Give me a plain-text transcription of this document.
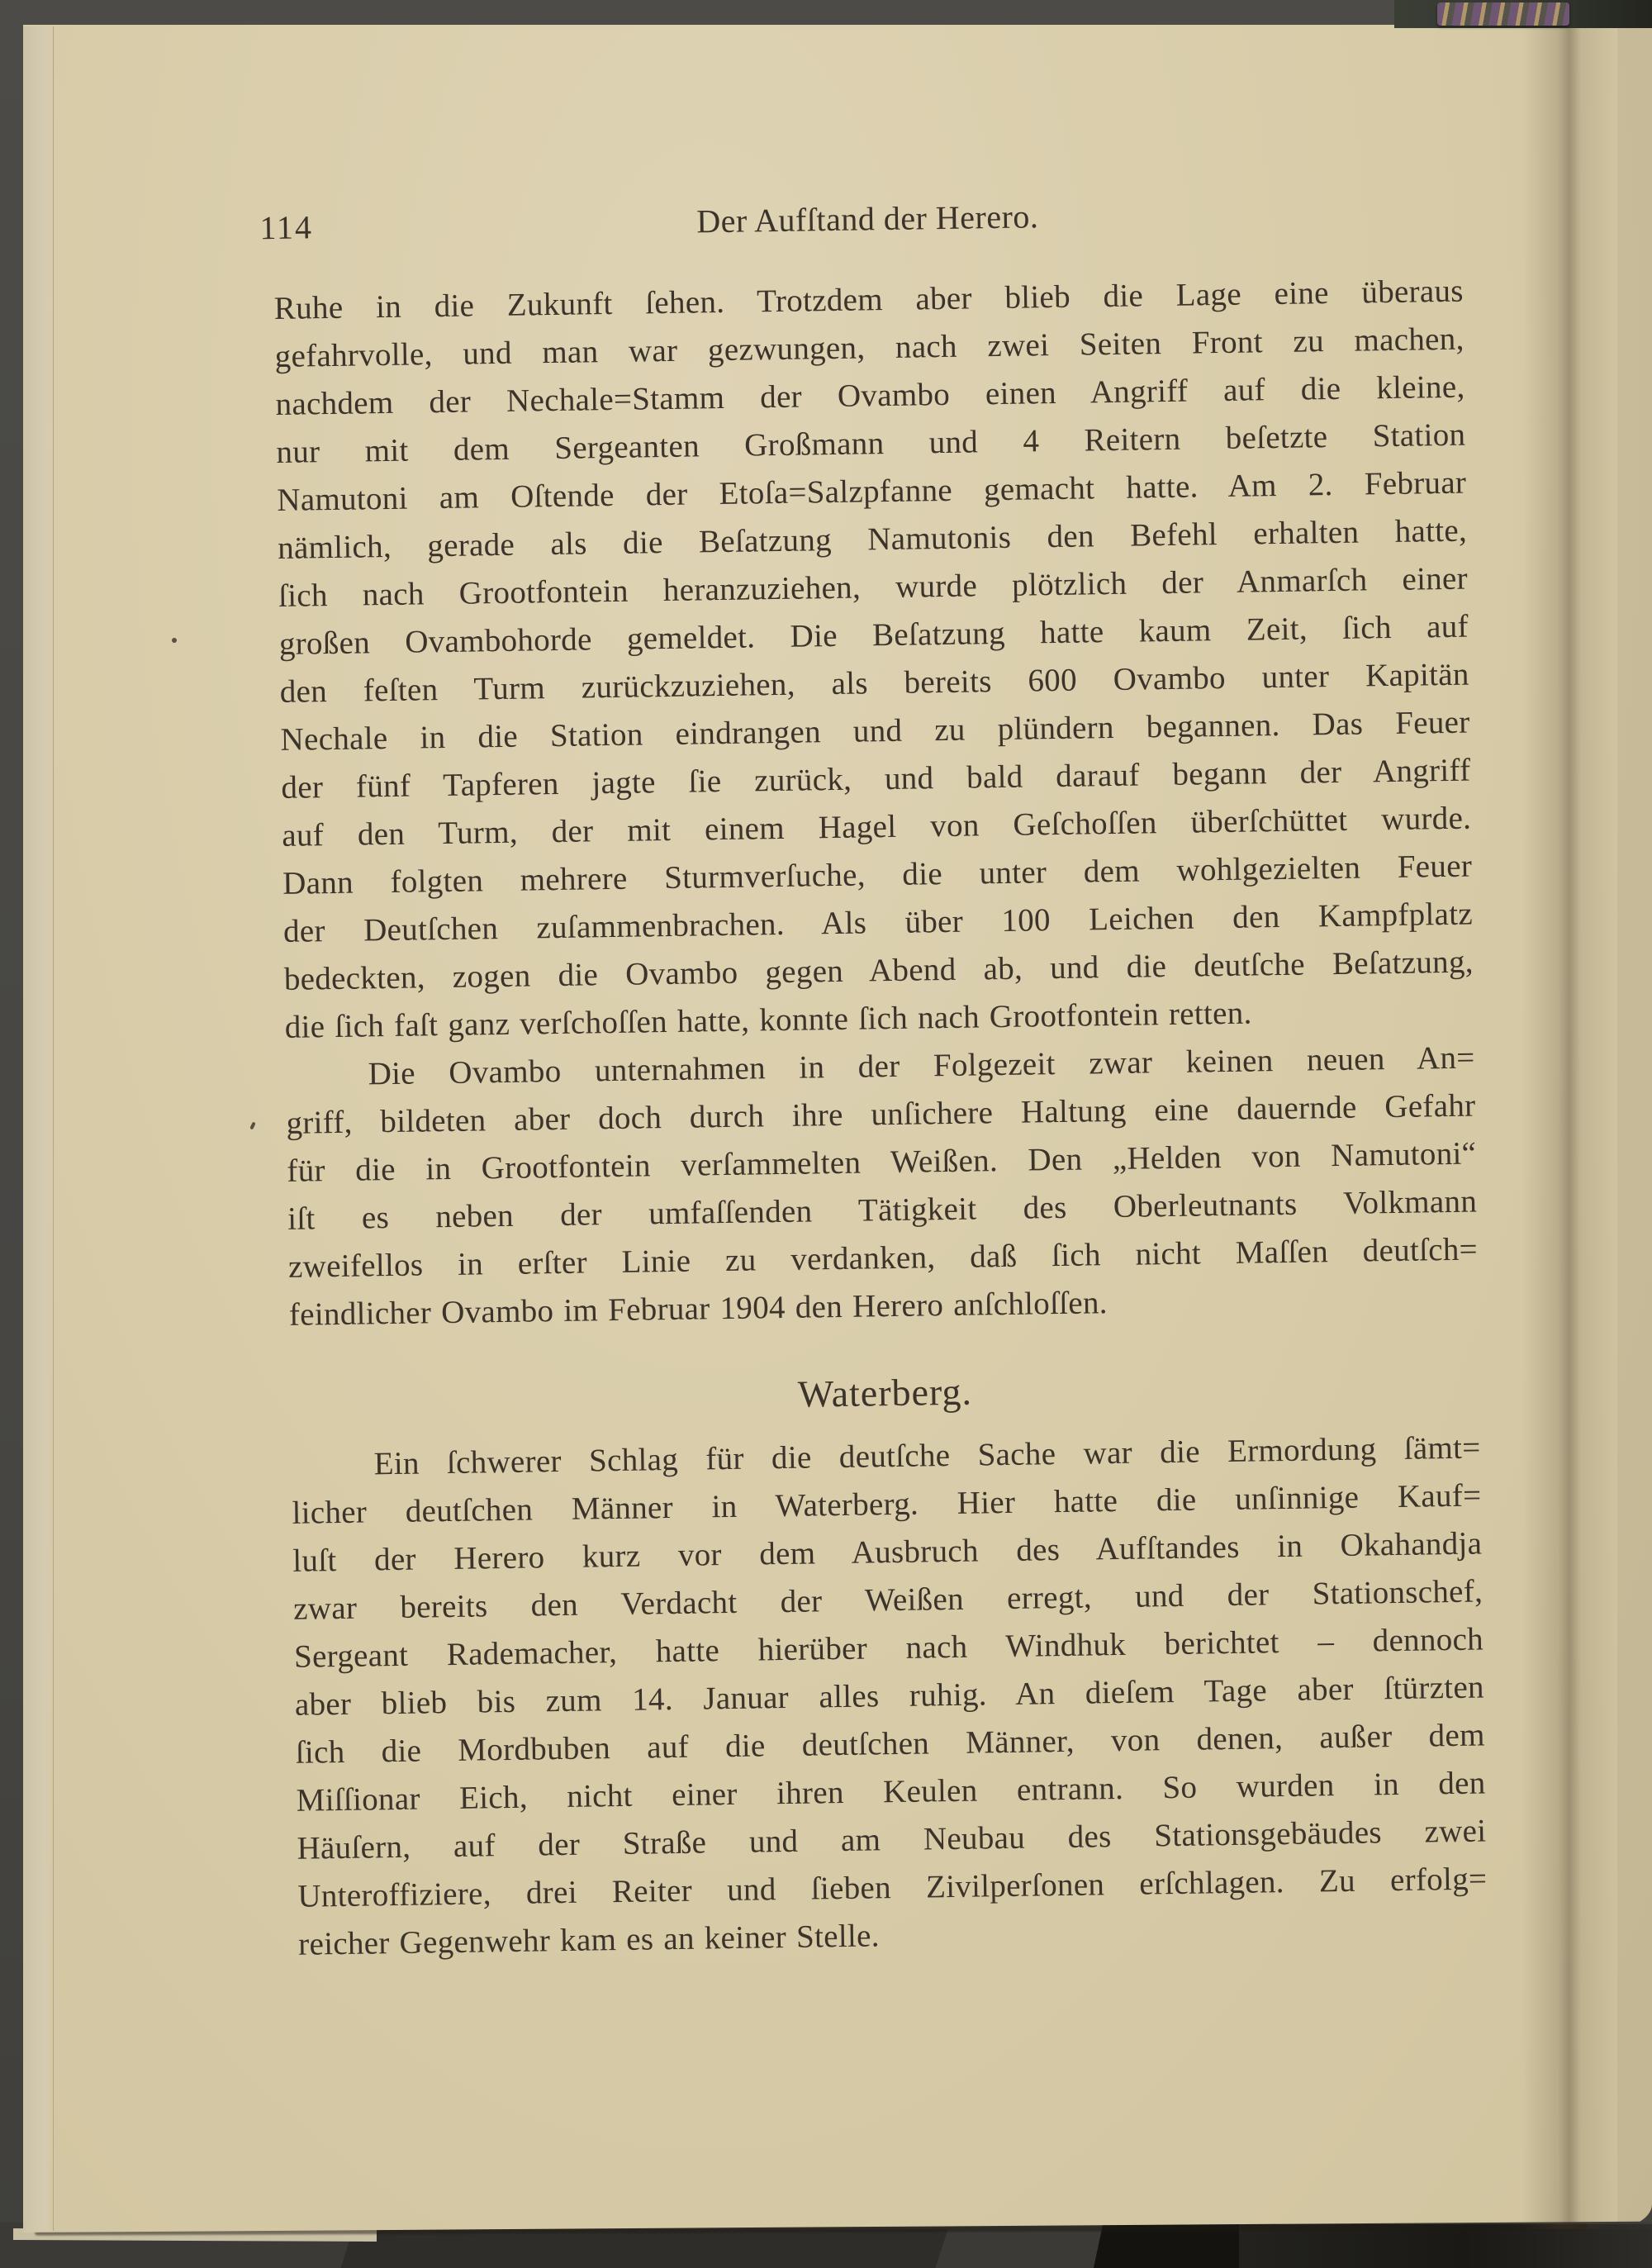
114	Der Aufſtand der Herero.
Ruhe in die Zukunft ſehen. Trotzdem aber blieb die Lage eine überaus
gefahrvolle, und man war gezwungen, nach zwei Seiten Front zu machen,
nachdem der Nechale=Stamm der Ovambo einen Angriff auf die kleine,
nur mit dem Sergeanten Großmann und 4 Reitern beſetzte Station
Namutoni am Oſtende der Etoſa=Salzpfanne gemacht hatte. Am 2. Februar
nämlich, gerade als die Beſatzung Namutonis den Befehl erhalten hatte,
ſich nach Grootfontein heranzuziehen, wurde plötzlich der Anmarſch einer
großen Ovambohorde gemeldet. Die Beſatzung hatte kaum Zeit, ſich auf
den feſten Turm zurückzuziehen, als bereits 600 Ovambo unter Kapitän
Nechale in die Station eindrangen und zu plündern begannen. Das Feuer
der fünf Tapferen jagte ſie zurück, und bald darauf begann der Angriff
auf den Turm, der mit einem Hagel von Geſchoſſen überſchüttet wurde.
Dann folgten mehrere Sturmverſuche, die unter dem wohlgezielten Feuer
der Deutſchen zuſammenbrachen. Als über 100 Leichen den Kampfplatz
bedeckten, zogen die Ovambo gegen Abend ab, und die deutſche Beſatzung,
die ſich faſt ganz verſchoſſen hatte, konnte ſich nach Grootfontein retten.
Die Ovambo unternahmen in der Folgezeit zwar keinen neuen An=
griff, bildeten aber doch durch ihre unſichere Haltung eine dauernde Gefahr
für die in Grootfontein verſammelten Weißen. Den „Helden von Namutoni“
iſt es neben der umfaſſenden Tätigkeit des Oberleutnants Volkmann
zweifellos in erſter Linie zu verdanken, daß ſich nicht Maſſen deutſch=
feindlicher Ovambo im Februar 1904 den Herero anſchloſſen.
Waterberg.
Ein ſchwerer Schlag für die deutſche Sache war die Ermordung ſämt=
licher deutſchen Männer in Waterberg. Hier hatte die unſinnige Kauf=
luſt der Herero kurz vor dem Ausbruch des Aufſtandes in Okahandja
zwar bereits den Verdacht der Weißen erregt, und der Stationschef,
Sergeant Rademacher, hatte hierüber nach Windhuk berichtet – dennoch
aber blieb bis zum 14. Januar alles ruhig. An dieſem Tage aber ſtürzten
ſich die Mordbuben auf die deutſchen Männer, von denen, außer dem
Miſſionar Eich, nicht einer ihren Keulen entrann. So wurden in den
Häuſern, auf der Straße und am Neubau des Stationsgebäudes zwei
Unteroffiziere, drei Reiter und ſieben Zivilperſonen erſchlagen. Zu erfolg=
reicher Gegenwehr kam es an keiner Stelle.
